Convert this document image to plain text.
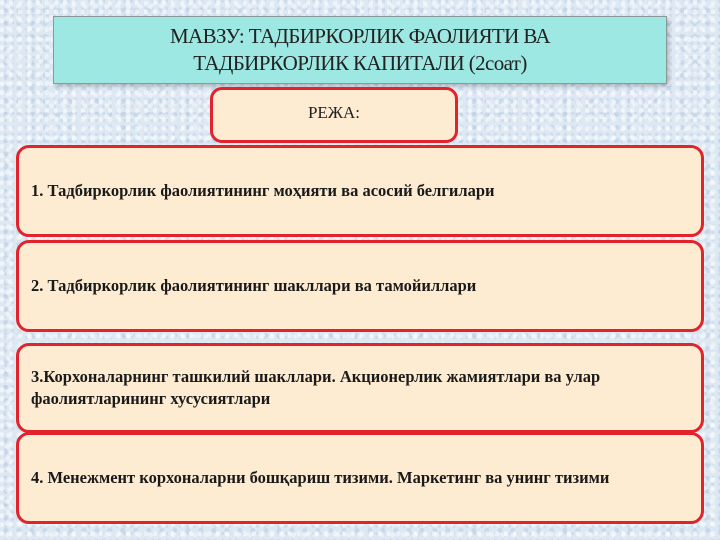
МАВЗУ: ТАДБИРКОРЛИК ФАОЛИЯТИ ВА
ТАДБИРКОРЛИК КАПИТАЛИ (2соат)
РЕЖА:
1. Тадбиркорлик фаолиятининг моҳияти ва асосий белгилари
2. Тадбиркорлик фаолиятининг шакллари ва тамойиллари
3.Корхоналарнинг ташкилий шакллари. Акционерлик жамиятлари ва улар фаолиятларининг хусусиятлари
4. Менежмент корхоналарни бошқариш тизими. Маркетинг ва унинг тизими
